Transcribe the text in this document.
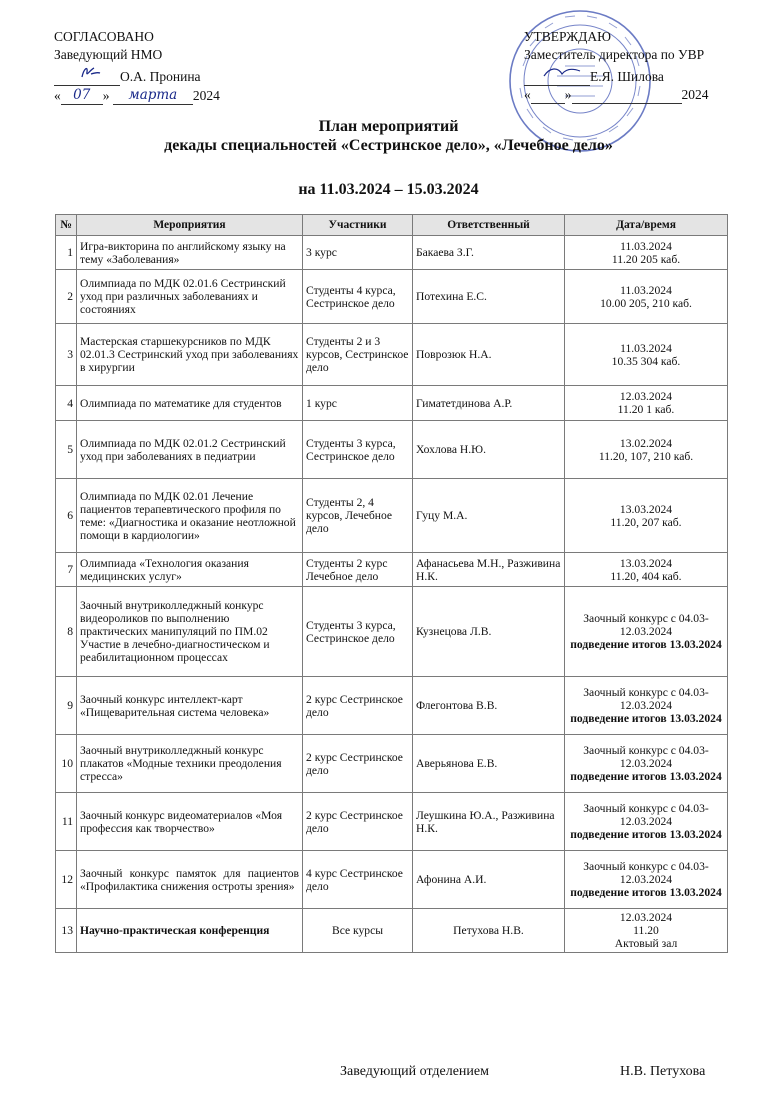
СОГЛАСОВАНО
Заведующий НМО
О.А. Пронина
« 07 » марта 2024
УТВЕРЖДАЮ
Заместитель директора по УВР
Е.Я. Шилова
«	»	2024
План мероприятий
декады специальностей «Сестринское дело», «Лечебное дело»
на 11.03.2024 – 15.03.2024
№	Мероприятия	Участники	Ответственный	Дата/время
1	Игра-викторина по английскому языку на тему «Заболевания»	3 курс	Бакаева З.Г.	11.03.2024
11.20 205 каб.

2	Олимпиада по МДК 02.01.6 Сестринский уход при различных заболеваниях и состояниях	Студенты 4 курса, Сестринское дело	Потехина Е.С.	11.03.2024
10.00 205, 210 каб.

3	Мастерская старшекурсников по МДК 02.01.3 Сестринский уход при заболеваниях в хирургии	Студенты 2 и 3 курсов, Сестринское дело	Поврозюк Н.А.	11.03.2024
10.35 304 каб.

4	Олимпиада по математике для студентов	1 курс	Гиматетдинова А.Р.	12.03.2024
11.20 1 каб.

5	Олимпиада по МДК 02.01.2 Сестринский уход при заболеваниях в педиатрии	Студенты 3 курса, Сестринское дело	Хохлова Н.Ю.	13.02.2024
11.20, 107, 210 каб.

6	Олимпиада по МДК 02.01 Лечение пациентов терапевтического профиля по теме: «Диагностика и оказание неотложной помощи в кардиологии»	Студенты 2, 4 курсов, Лечебное дело	Гуцу М.А.	13.03.2024
11.20, 207 каб.

7	Олимпиада «Технология оказания медицинских услуг»	Студенты 2 курс Лечебное дело	Афанасьева М.Н., Разживина Н.К.	13.03.2024
11.20, 404 каб.

8	Заочный внутриколледжный конкурс видеороликов по выполнению практических манипуляций по ПМ.02 Участие в лечебно-диагностическом и реабилитационном процессах	Студенты 3 курса, Сестринское дело	Кузнецова Л.В.	Заочный конкурс с 04.03-12.03.2024
подведение итогов 13.03.2024

9	Заочный конкурс интеллект-карт «Пищеварительная система человека»	2 курс Сестринское дело	Флегонтова В.В.	Заочный конкурс с 04.03-12.03.2024
подведение итогов 13.03.2024

10	Заочный внутриколледжный конкурс плакатов «Модные техники преодоления стресса»	2 курс Сестринское дело	Аверьянова Е.В.	Заочный конкурс с 04.03-12.03.2024
подведение итогов 13.03.2024

11	Заочный конкурс видеоматериалов «Моя профессия как творчество»	2 курс Сестринское дело	Леушкина Ю.А., Разживина Н.К.	Заочный конкурс с 04.03-12.03.2024
подведение итогов 13.03.2024

12	Заочный конкурс памяток для пациентов «Профилактика снижения остроты зрения»	4 курс Сестринское дело	Афонина А.И.	Заочный конкурс с 04.03-12.03.2024
подведение итогов 13.03.2024

13	Научно-практическая конференция	Все курсы	Петухова Н.В.	12.03.2024
11.20
Актовый зал
Заведующий отделением	Н.В. Петухова
